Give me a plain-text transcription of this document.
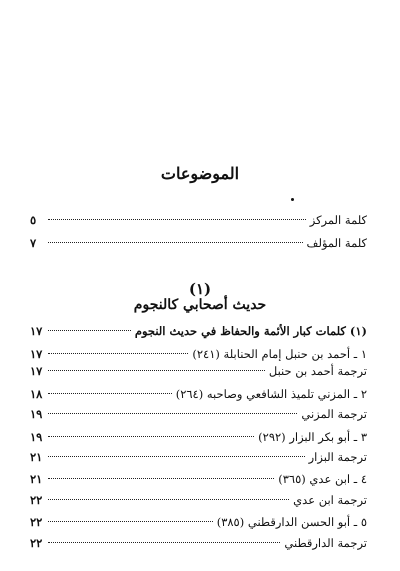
الموضوعات
كلمة المركز
٥
كلمة المؤلف
٧
(١)
حديث أصحابي كالنجوم
(١) كلمات كبار الأئمة والحفاظ في حديث النجوم
١٧
١ ـ أحمد بن حنبل إمام الحنابلة (٢٤١)
١٧
ترجمة أحمد بن حنبل
١٧
٢ ـ المزني تلميذ الشافعي وصاحبه (٢٦٤)
١٨
ترجمة المزني
١٩
٣ ـ أبو بكر البزار (٢٩٢)
١٩
ترجمة البزار
٢١
٤ ـ ابن عدي (٣٦٥)
٢١
ترجمة ابن عدي
٢٢
٥ ـ أبو الحسن الدارقطني (٣٨٥)
٢٢
ترجمة الدارقطني
٢٢
